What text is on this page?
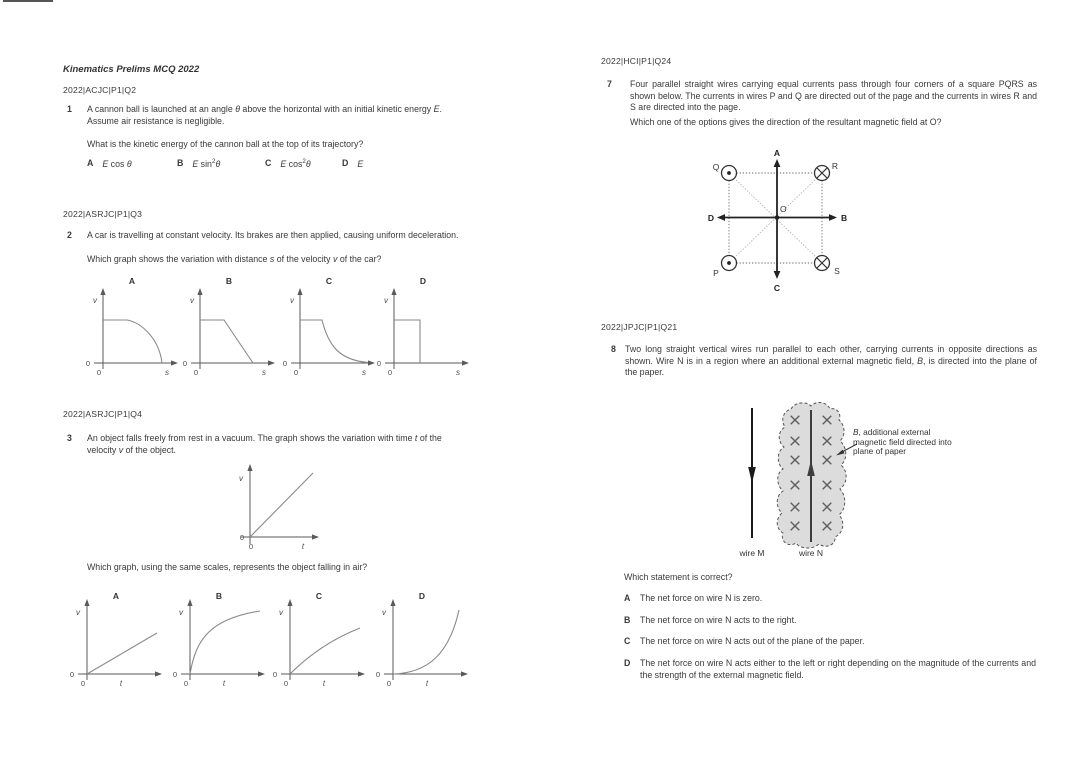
Kinematics Prelims MCQ 2022
2022|ACJC|P1|Q2
1	A cannon ball is launched at an angle θ above the horizontal with an initial kinetic energy E. Assume air resistance is negligible.
What is the kinetic energy of the cannon ball at the top of its trajectory?
A E cos θ	B E $\sin^2\theta$	C E $\cos^2\theta$	D E
2022|ASRJC|P1|Q3
2	A car is travelling at constant velocity. Its brakes are then applied, causing uniform deceleration.
Which graph shows the variation with distance s of the velocity v of the car?
A	B	C	D
v
0
0	s
v
0
0	s
v
0
0	s
v
0
0	s
2022|ASRJC|P1|Q4
3	An object falls freely from rest in a vacuum. The graph shows the variation with time t of the velocity v of the object.
v
0
0	t
Which graph, using the same scales, represents the object falling in air?
A	B	C	D
v
0
0	t
v
0
0	t
v
0
0	t
v
0
0	t
2022|HCI|P1|Q24
7	Four parallel straight wires carrying equal currents pass through four corners of a square PQRS as shown below. The currents in wires P and Q are directed out of the page and the currents in wires R and S are directed into the page.
Which one of the options gives the direction of the resultant magnetic field at O?
A
C
D	B
O
Q	R
P	S
2022|JPJC|P1|Q21
8	Two long straight vertical wires run parallel to each other, carrying currents in opposite directions as shown. Wire N is in a region where an additional external magnetic field, B, is directed into the plane of the paper.
wire M	wire N
B, additional external magnetic field directed into plane of paper
Which statement is correct?
A	The net force on wire N is zero.
B	The net force on wire N acts to the right.
C	The net force on wire N acts out of the plane of the paper.
D	The net force on wire N acts either to the left or right depending on the magnitude of the currents and the strength of the external magnetic field.
